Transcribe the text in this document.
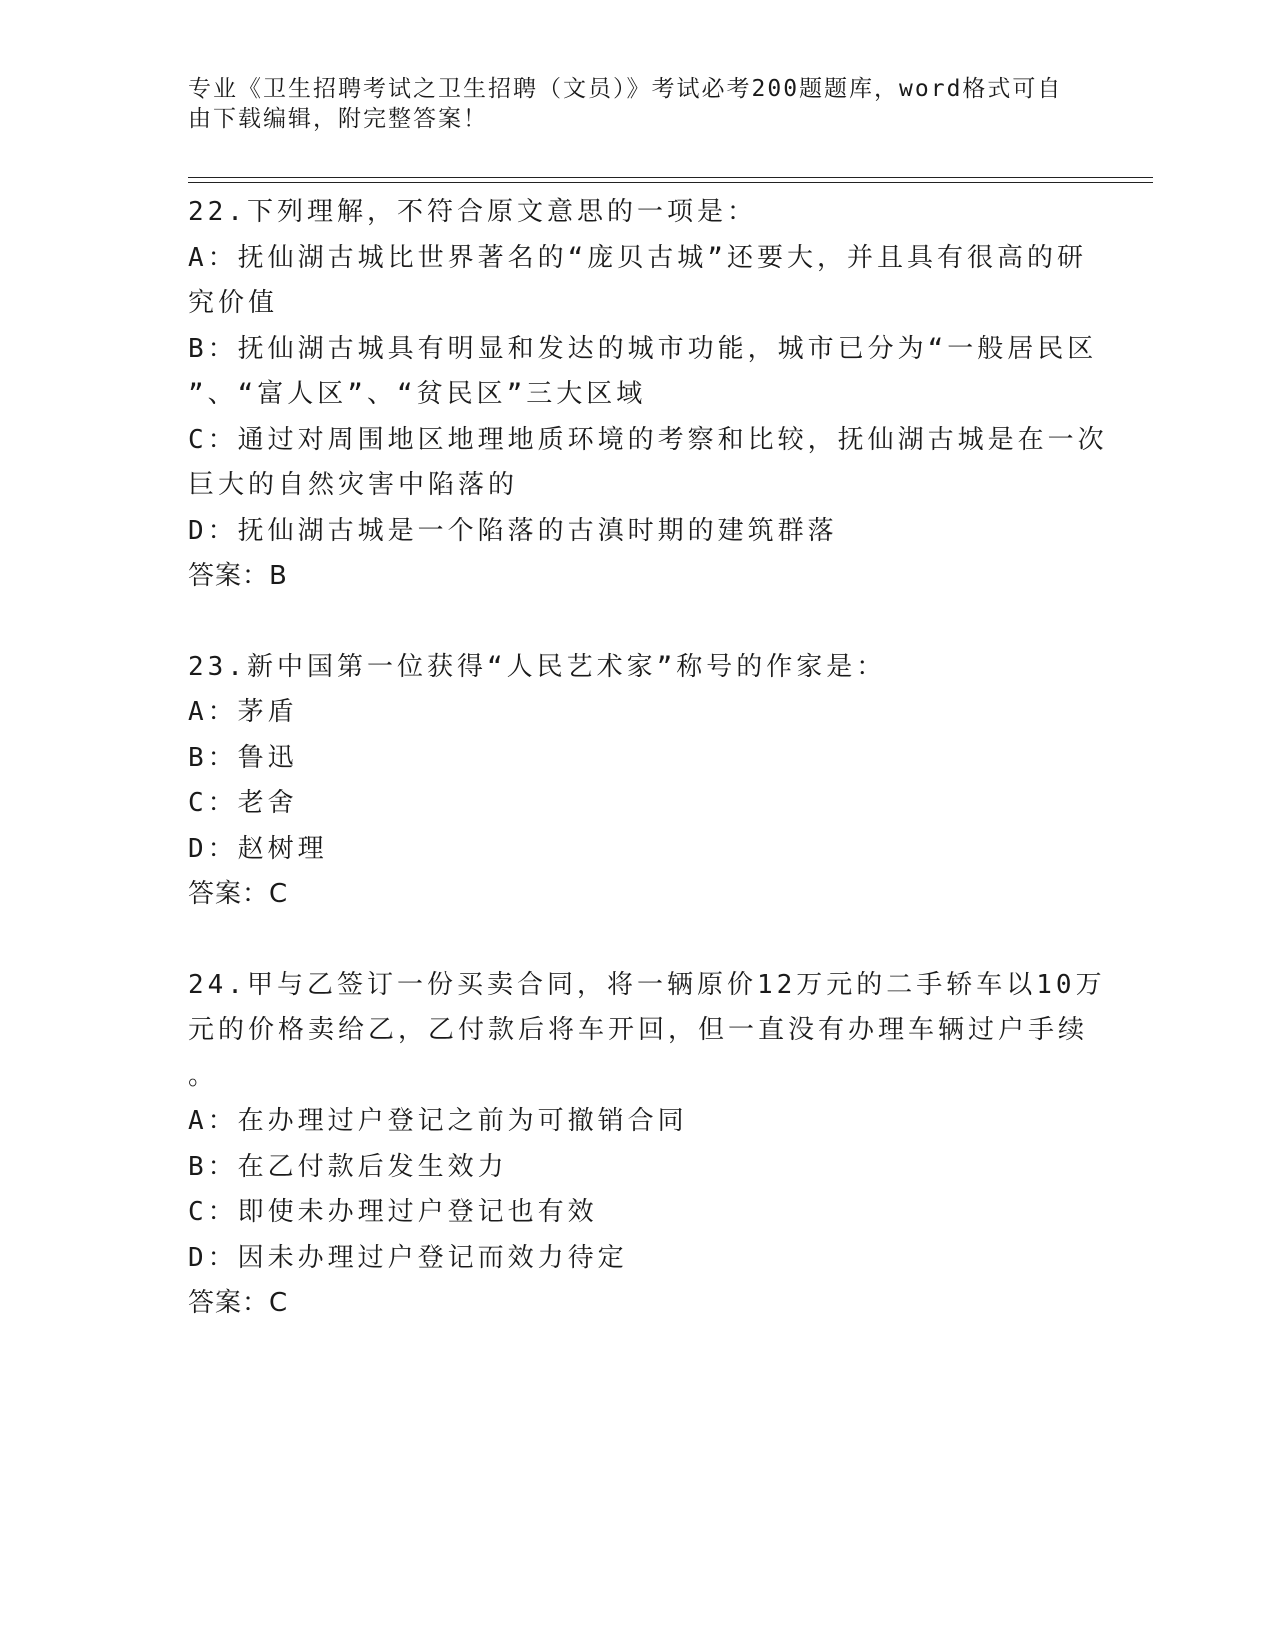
专业《卫生招聘考试之卫生招聘（文员）》考试必考200题题库，word格式可自
由下载编辑，附完整答案！
22.下列理解，不符合原文意思的一项是：
A：抚仙湖古城比世界著名的“庞贝古城”还要大，并且具有很高的研
究价值
B：抚仙湖古城具有明显和发达的城市功能，城市已分为“一般居民区
”、“富人区”、“贫民区”三大区域
C：通过对周围地区地理地质环境的考察和比较，抚仙湖古城是在一次
巨大的自然灾害中陷落的
D：抚仙湖古城是一个陷落的古滇时期的建筑群落
答案：B
23.新中国第一位获得“人民艺术家”称号的作家是：
A：茅盾
B：鲁迅
C：老舍
D：赵树理
答案：C
24.甲与乙签订一份买卖合同，将一辆原价12万元的二手轿车以10万
元的价格卖给乙，乙付款后将车开回，但一直没有办理车辆过户手续
。
A：在办理过户登记之前为可撤销合同
B：在乙付款后发生效力
C：即使未办理过户登记也有效
D：因未办理过户登记而效力待定
答案：C
